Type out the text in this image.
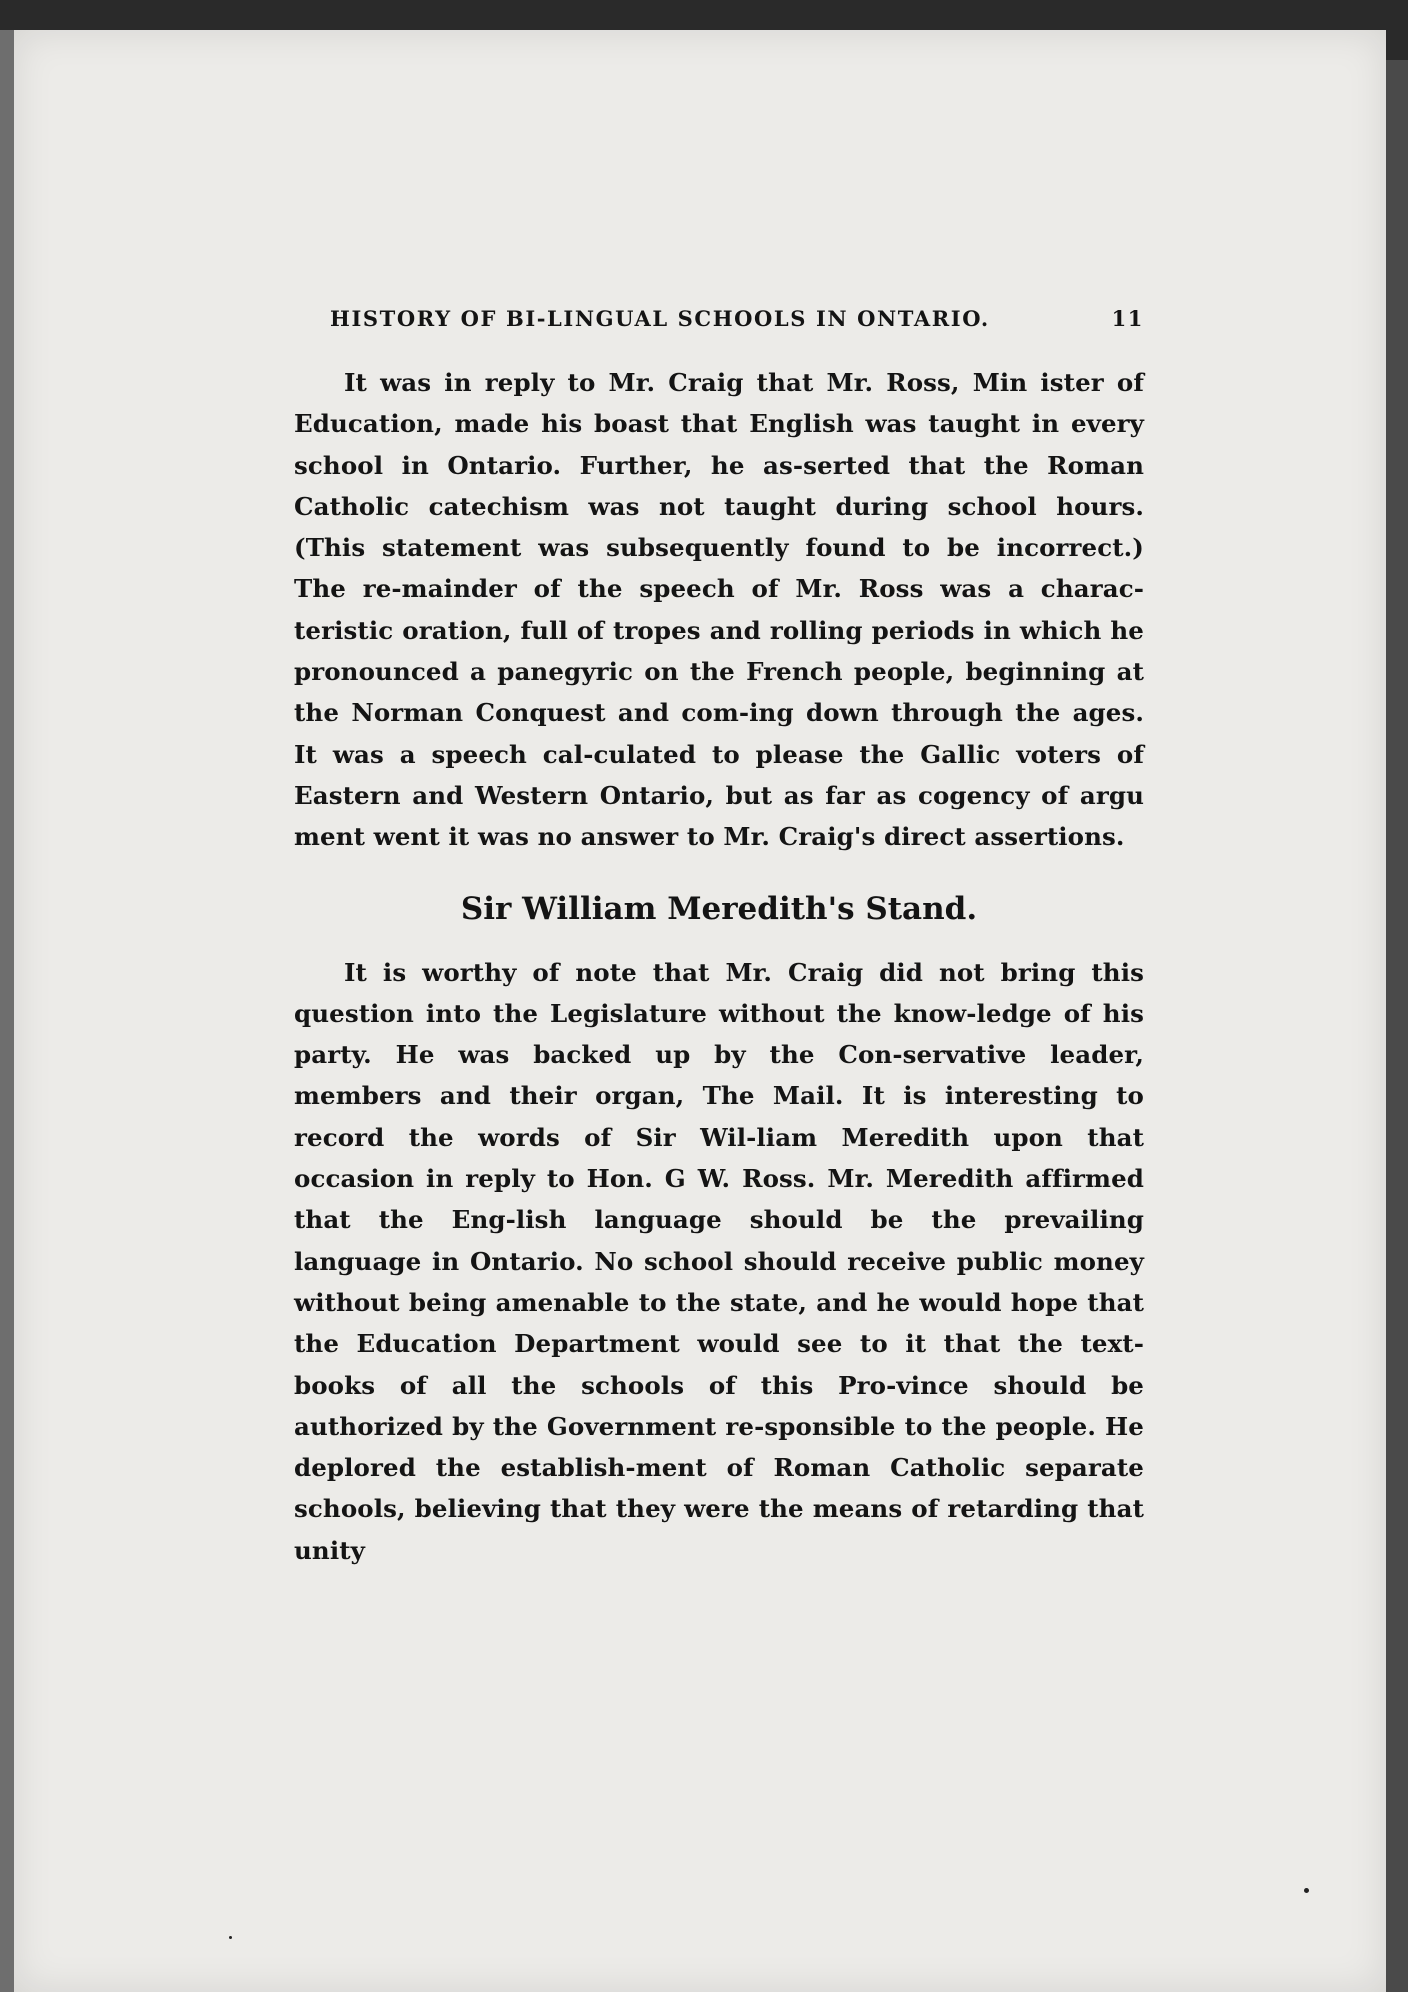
HISTORY OF BI-LINGUAL SCHOOLS IN ONTARIO.	11

It was in reply to Mr. Craig that Mr. Ross, Min ister of Education, made his boast that English was taught in every school in Ontario. Further, he as-serted that the Roman Catholic catechism was not taught during school hours. (This statement was subsequently found to be incorrect.) The re-mainder of the speech of Mr. Ross was a charac-teristic oration, full of tropes and rolling periods in which he pronounced a panegyric on the French people, beginning at the Norman Conquest and com-ing down through the ages. It was a speech cal-culated to please the Gallic voters of Eastern and Western Ontario, but as far as cogency of argu ment went it was no answer to Mr. Craig's direct assertions.

Sir William Meredith's Stand.

It is worthy of note that Mr. Craig did not bring this question into the Legislature without the know-ledge of his party. He was backed up by the Con-servative leader, members and their organ, The Mail. It is interesting to record the words of Sir Wil-liam Meredith upon that occasion in reply to Hon. G W. Ross. Mr. Meredith affirmed that the Eng-lish language should be the prevailing language in Ontario. No school should receive public money without being amenable to the state, and he would hope that the Education Department would see to it that the text-books of all the schools of this Pro-vince should be authorized by the Government re-sponsible to the people. He deplored the establish-ment of Roman Catholic separate schools, believing that they were the means of retarding that unity
